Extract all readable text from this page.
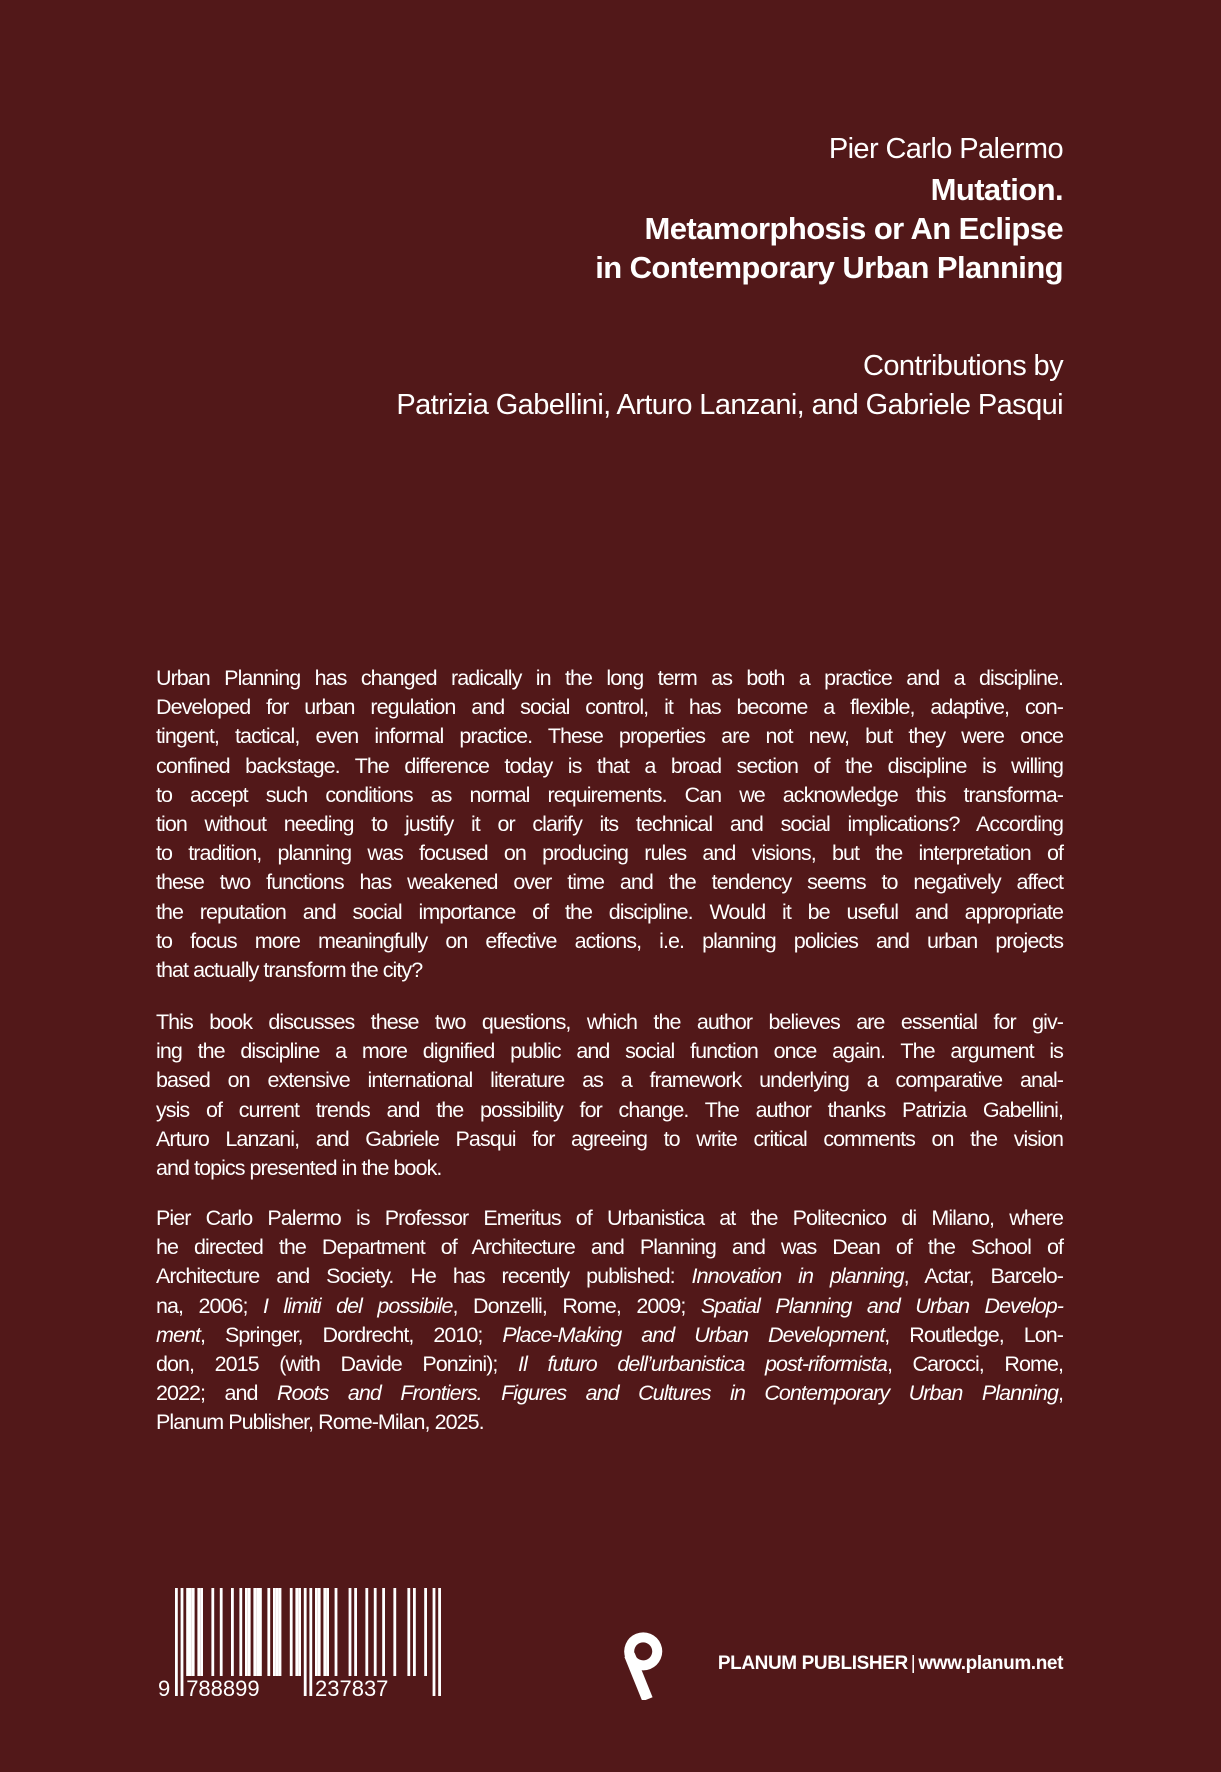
Pier Carlo Palermo
Mutation.
Metamorphosis or An Eclipse
in Contemporary Urban Planning
Contributions by
Patrizia Gabellini, Arturo Lanzani, and Gabriele Pasqui
Urban Planning has changed radically in the long term as both a practice and a discipline.
Developed for urban regulation and social control, it has become a flexible, adaptive, con-
tingent, tactical, even informal practice. These properties are not new, but they were once
confined backstage. The difference today is that a broad section of the discipline is willing
to accept such conditions as normal requirements. Can we acknowledge this transforma-
tion without needing to justify it or clarify its technical and social implications? According
to tradition, planning was focused on producing rules and visions, but the interpretation of
these two functions has weakened over time and the tendency seems to negatively affect
the reputation and social importance of the discipline. Would it be useful and appropriate
to focus more meaningfully on effective actions, i.e. planning policies and urban projects
that actually transform the city?
This book discusses these two questions, which the author believes are essential for giv-
ing the discipline a more dignified public and social function once again. The argument is
based on extensive international literature as a framework underlying a comparative anal-
ysis of current trends and the possibility for change. The author thanks Patrizia Gabellini,
Arturo Lanzani, and Gabriele Pasqui for agreeing to write critical comments on the vision
and topics presented in the book.
Pier Carlo Palermo is Professor Emeritus of Urbanistica at the Politecnico di Milano, where
he directed the Department of Architecture and Planning and was Dean of the School of
Architecture and Society. He has recently published: Innovation in planning, Actar, Barcelo-
na, 2006; I limiti del possibile, Donzelli, Rome, 2009; Spatial Planning and Urban Develop-
ment, Springer, Dordrecht, 2010; Place-Making and Urban Development, Routledge, Lon-
don, 2015 (with Davide Ponzini); Il futuro dell’urbanistica post-riformista, Carocci, Rome,
2022; and Roots and Frontiers. Figures and Cultures in Contemporary Urban Planning,
Planum Publisher, Rome-Milan, 2025.
9 788899	237837
PLANUM PUBLISHER | www.planum.net
